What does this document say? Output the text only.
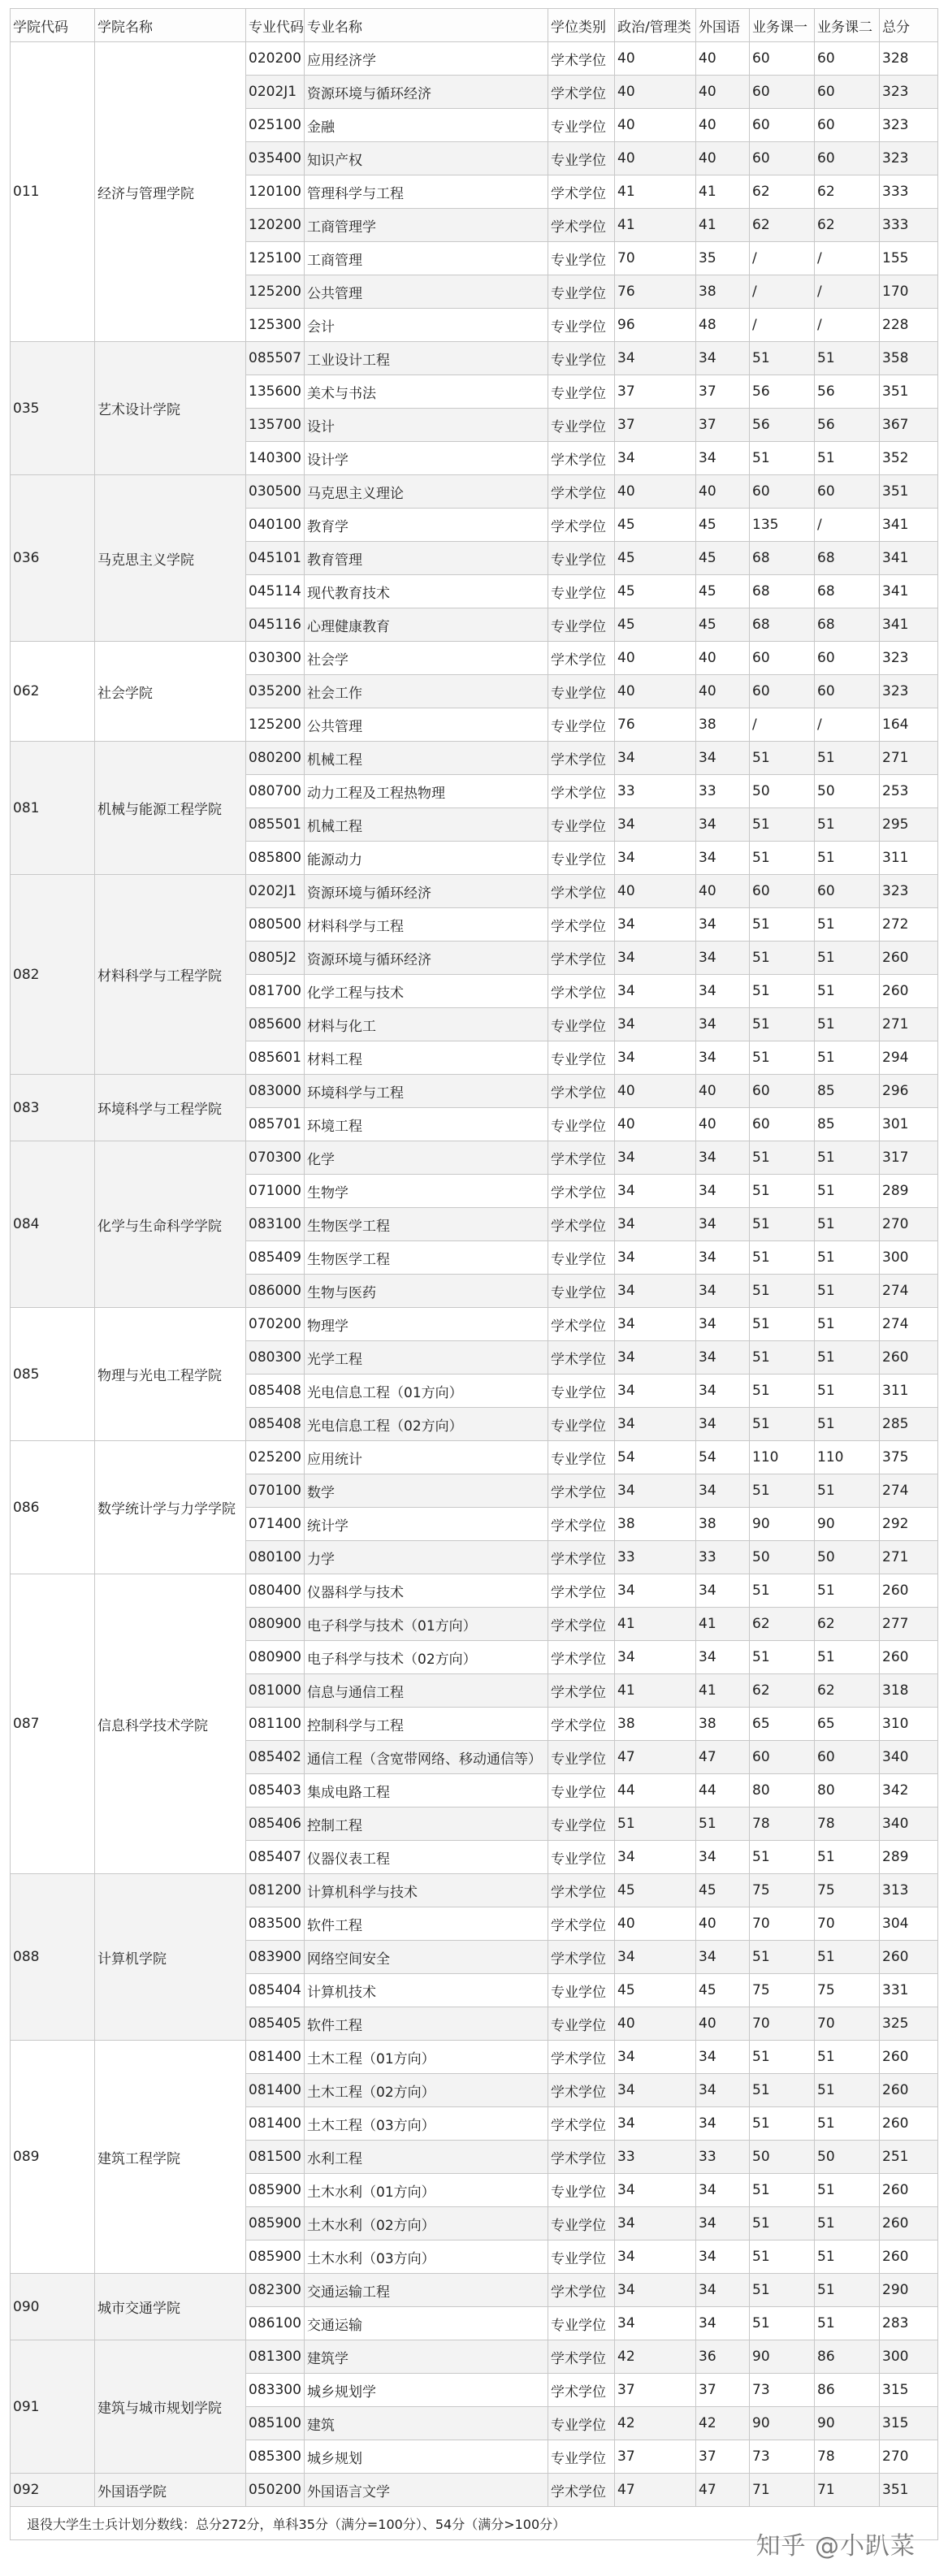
学院代码	学院名称	专业代码	专业名称	学位类别	政治/管理类	外国语	业务课一	业务课二	总分
011	经济与管理学院	020200	应用经济学	学术学位	40	40	60	60	328
		0202J1	资源环境与循环经济	学术学位	40	40	60	60	323
		025100	金融	专业学位	40	40	60	60	323
		035400	知识产权	专业学位	40	40	60	60	323
		120100	管理科学与工程	学术学位	41	41	62	62	333
		120200	工商管理学	学术学位	41	41	62	62	333
		125100	工商管理	专业学位	70	35	/	/	155
		125200	公共管理	专业学位	76	38	/	/	170
		125300	会计	专业学位	96	48	/	/	228
035	艺术设计学院	085507	工业设计工程	专业学位	34	34	51	51	358
		135600	美术与书法	专业学位	37	37	56	56	351
		135700	设计	专业学位	37	37	56	56	367
		140300	设计学	学术学位	34	34	51	51	352
036	马克思主义学院	030500	马克思主义理论	学术学位	40	40	60	60	351
		040100	教育学	学术学位	45	45	135	/	341
		045101	教育管理	专业学位	45	45	68	68	341
		045114	现代教育技术	专业学位	45	45	68	68	341
		045116	心理健康教育	专业学位	45	45	68	68	341
062	社会学院	030300	社会学	学术学位	40	40	60	60	323
		035200	社会工作	专业学位	40	40	60	60	323
		125200	公共管理	专业学位	76	38	/	/	164
081	机械与能源工程学院	080200	机械工程	学术学位	34	34	51	51	271
		080700	动力工程及工程热物理	学术学位	33	33	50	50	253
		085501	机械工程	专业学位	34	34	51	51	295
		085800	能源动力	专业学位	34	34	51	51	311
082	材料科学与工程学院	0202J1	资源环境与循环经济	学术学位	40	40	60	60	323
		080500	材料科学与工程	学术学位	34	34	51	51	272
		0805J2	资源环境与循环经济	学术学位	34	34	51	51	260
		081700	化学工程与技术	学术学位	34	34	51	51	260
		085600	材料与化工	专业学位	34	34	51	51	271
		085601	材料工程	专业学位	34	34	51	51	294
083	环境科学与工程学院	083000	环境科学与工程	学术学位	40	40	60	85	296
		085701	环境工程	专业学位	40	40	60	85	301
084	化学与生命科学学院	070300	化学	学术学位	34	34	51	51	317
		071000	生物学	学术学位	34	34	51	51	289
		083100	生物医学工程	学术学位	34	34	51	51	270
		085409	生物医学工程	专业学位	34	34	51	51	300
		086000	生物与医药	专业学位	34	34	51	51	274
085	物理与光电工程学院	070200	物理学	学术学位	34	34	51	51	274
		080300	光学工程	学术学位	34	34	51	51	260
		085408	光电信息工程（01方向）	专业学位	34	34	51	51	311
		085408	光电信息工程（02方向）	专业学位	34	34	51	51	285
086	数学统计学与力学学院	025200	应用统计	专业学位	54	54	110	110	375
		070100	数学	学术学位	34	34	51	51	274
		071400	统计学	学术学位	38	38	90	90	292
		080100	力学	学术学位	33	33	50	50	271
087	信息科学技术学院	080400	仪器科学与技术	学术学位	34	34	51	51	260
		080900	电子科学与技术（01方向）	学术学位	41	41	62	62	277
		080900	电子科学与技术（02方向）	学术学位	34	34	51	51	260
		081000	信息与通信工程	学术学位	41	41	62	62	318
		081100	控制科学与工程	学术学位	38	38	65	65	310
		085402	通信工程（含宽带网络、移动通信等）	专业学位	47	47	60	60	340
		085403	集成电路工程	专业学位	44	44	80	80	342
		085406	控制工程	专业学位	51	51	78	78	340
		085407	仪器仪表工程	专业学位	34	34	51	51	289
088	计算机学院	081200	计算机科学与技术	学术学位	45	45	75	75	313
		083500	软件工程	学术学位	40	40	70	70	304
		083900	网络空间安全	学术学位	34	34	51	51	260
		085404	计算机技术	专业学位	45	45	75	75	331
		085405	软件工程	专业学位	40	40	70	70	325
089	建筑工程学院	081400	土木工程（01方向）	学术学位	34	34	51	51	260
		081400	土木工程（02方向）	学术学位	34	34	51	51	260
		081400	土木工程（03方向）	学术学位	34	34	51	51	260
		081500	水利工程	学术学位	33	33	50	50	251
		085900	土木水利（01方向）	专业学位	34	34	51	51	260
		085900	土木水利（02方向）	专业学位	34	34	51	51	260
		085900	土木水利（03方向）	专业学位	34	34	51	51	260
090	城市交通学院	082300	交通运输工程	学术学位	34	34	51	51	290
		086100	交通运输	专业学位	34	34	51	51	283
091	建筑与城市规划学院	081300	建筑学	学术学位	42	36	90	86	300
		083300	城乡规划学	学术学位	37	37	73	86	315
		085100	建筑	专业学位	42	42	90	90	315
		085300	城乡规划	专业学位	37	37	73	78	270
092	外国语学院	050200	外国语言文学	学术学位	47	47	71	71	351
退役大学生士兵计划分数线：总分272分，单科35分（满分=100分）、54分（满分>100分）									
知乎 @小趴菜
